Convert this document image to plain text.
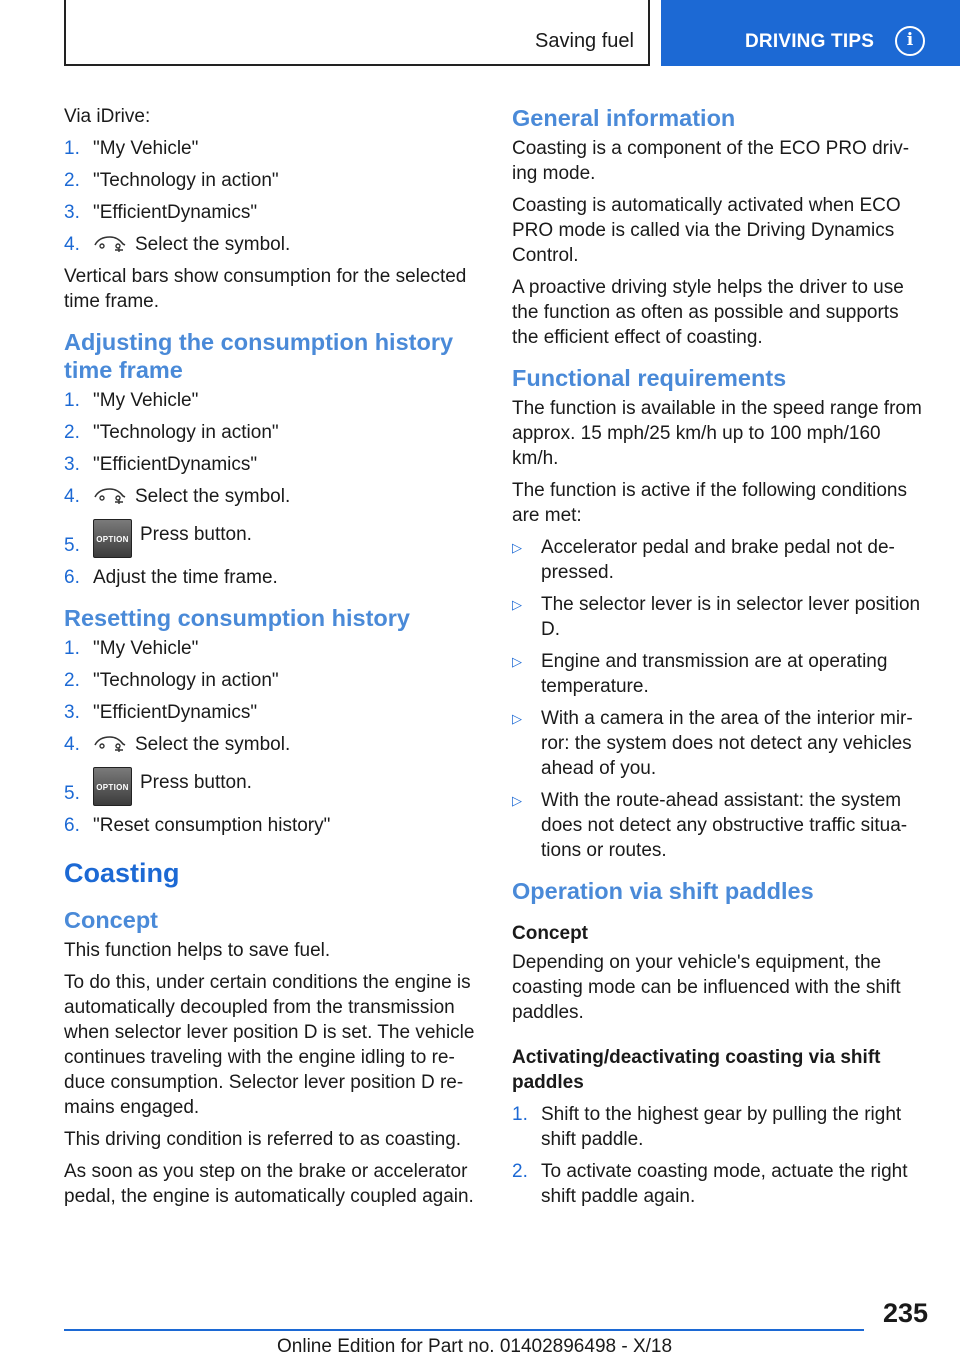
Saving fuel	DRIVING TIPS	i

Via iDrive:

1. "My Vehicle"
2. "Technology in action"
3. "EfficientDynamics"
4.	Select the symbol.

Vertical bars show consumption for the selected time frame.

Adjusting the consumption history time frame
1. "My Vehicle"
2. "Technology in action"
3. "EfficientDynamics"
4.	Select the symbol.
5. OPTION Press button.
6. Adjust the time frame.
Resetting consumption history
1. "My Vehicle"
2. "Technology in action"
3. "EfficientDynamics"
4.	Select the symbol.
5. OPTION Press button.
6. "Reset consumption history"
Coasting
Concept

This function helps to save fuel.

To do this, under certain conditions the engine is automatically decoupled from the transmission when selector lever position D is set. The vehicle continues traveling with the engine idling to re-duce consumption. Selector lever position D re-mains engaged.

This driving condition is referred to as coasting.

As soon as you step on the brake or accelerator pedal, the engine is automatically coupled again.

General information

Coasting is a component of the ECO PRO driv-ing mode.

Coasting is automatically activated when ECO PRO mode is called via the Driving Dynamics Control.

A proactive driving style helps the driver to use the function as often as possible and supports the efficient effect of coasting.

Functional requirements

The function is available in the speed range from approx. 15 mph/25 km/h up to 100 mph/160 km/h.

The function is active if the following conditions are met:

▷ Accelerator pedal and brake pedal not de-pressed.
▷ The selector lever is in selector lever position D.
▷ Engine and transmission are at operating temperature.
▷ With a camera in the area of the interior mir-ror: the system does not detect any vehicles ahead of you.
▷ With the route-ahead assistant: the system does not detect any obstructive traffic situa-tions or routes.
Operation via shift paddles
Concept

Depending on your vehicle's equipment, the coasting mode can be influenced with the shift paddles.

Activating/deactivating coasting via shift paddles
1. Shift to the highest gear by pulling the right shift paddle.
2. To activate coasting mode, actuate the right shift paddle again.
235
Online Edition for Part no. 01402896498 - X/18
